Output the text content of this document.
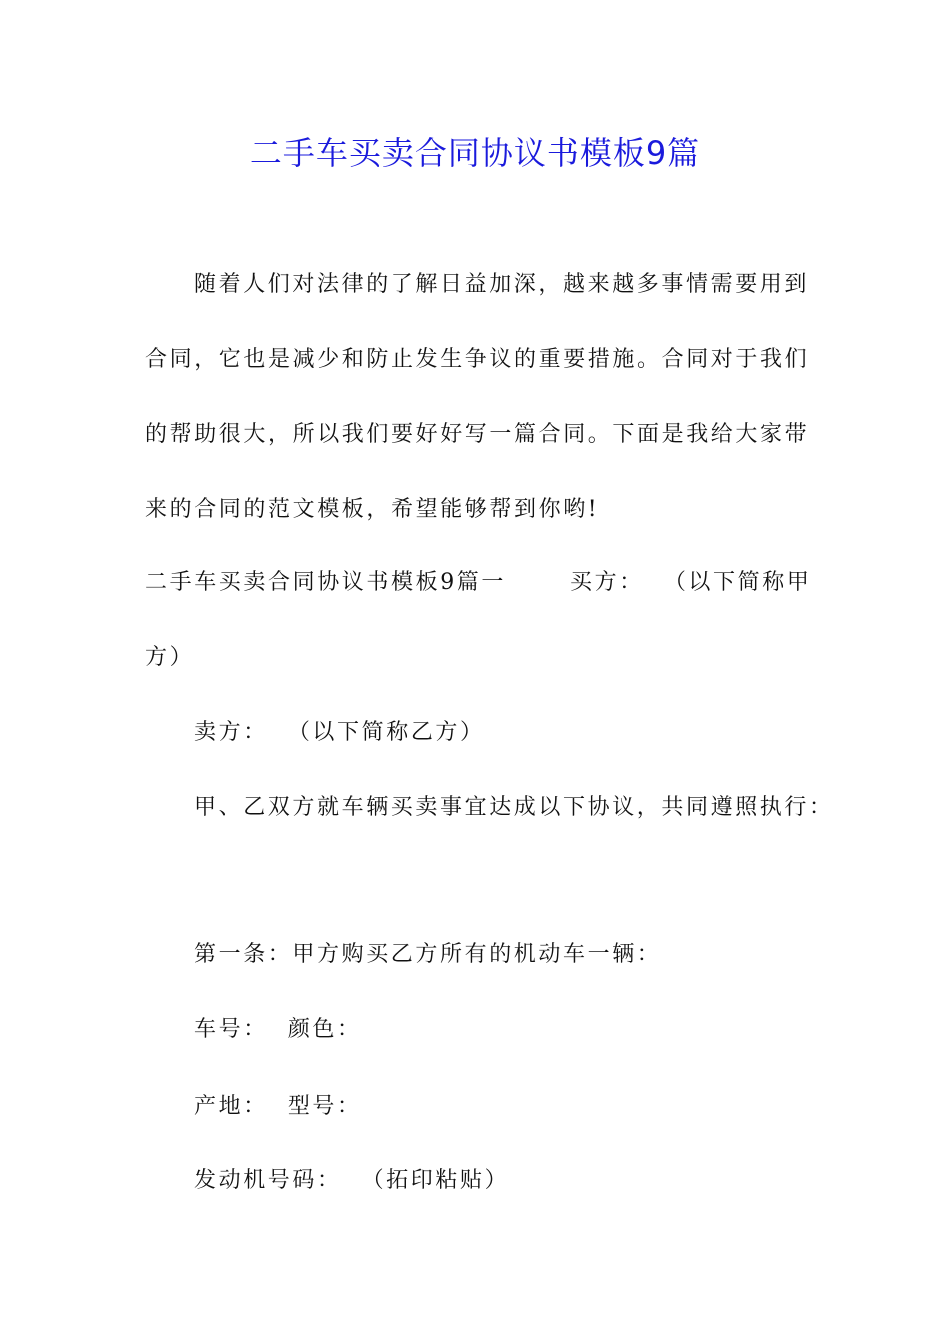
二手车买卖合同协议书模板9篇
随着人们对法律的了解日益加深，越来越多事情需要用到
合同，它也是减少和防止发生争议的重要措施。合同对于我们
的帮助很大，所以我们要好好写一篇合同。下面是我给大家带
来的合同的范文模板，希望能够帮到你哟!
二手车买卖合同协议书模板9篇一	买方： （以下简称甲
方）
卖方： （以下简称乙方）
甲、乙双方就车辆买卖事宜达成以下协议，共同遵照执行：
第一条：甲方购买乙方所有的机动车一辆：
车号： 颜色：
产地： 型号：
发动机号码： （拓印粘贴）
